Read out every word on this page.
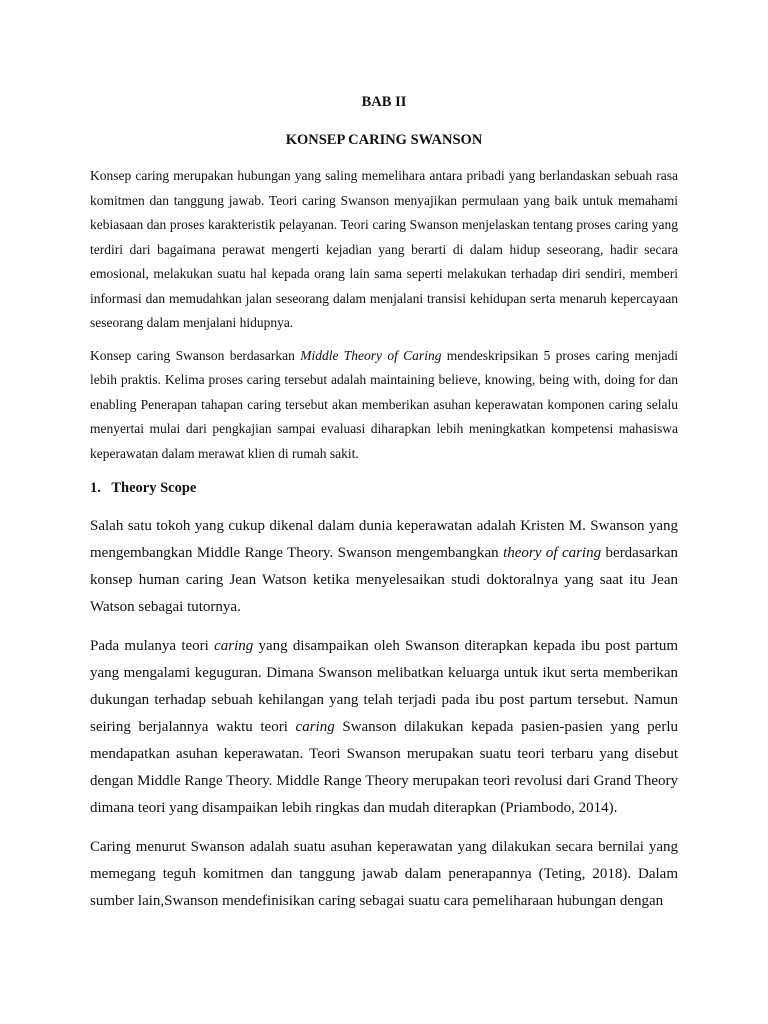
BAB II

KONSEP CARING SWANSON

Konsep caring merupakan hubungan yang saling memelihara antara pribadi yang berlandaskan sebuah rasa komitmen dan tanggung jawab. Teori caring Swanson menyajikan permulaan yang baik untuk memahami kebiasaan dan proses karakteristik pelayanan. Teori caring Swanson menjelaskan tentang proses caring yang terdiri dari bagaimana perawat mengerti kejadian yang berarti di dalam hidup seseorang, hadir secara emosional, melakukan suatu hal kepada orang lain sama seperti melakukan terhadap diri sendiri, memberi informasi dan memudahkan jalan seseorang dalam menjalani transisi kehidupan serta menaruh kepercayaan seseorang dalam menjalani hidupnya.

Konsep caring Swanson berdasarkan Middle Theory of Caring mendeskripsikan 5 proses caring menjadi lebih praktis. Kelima proses caring tersebut adalah maintaining believe, knowing, being with, doing for dan enabling Penerapan tahapan caring tersebut akan memberikan asuhan keperawatan komponen caring selalu menyertai mulai dari pengkajian sampai evaluasi diharapkan lebih meningkatkan kompetensi mahasiswa keperawatan dalam merawat klien di rumah sakit.

1. Theory Scope

Salah satu tokoh yang cukup dikenal dalam dunia keperawatan adalah Kristen M. Swanson yang mengembangkan Middle Range Theory. Swanson mengembangkan theory of caring berdasarkan konsep human caring Jean Watson ketika menyelesaikan studi doktoralnya yang saat itu Jean Watson sebagai tutornya.

Pada mulanya teori caring yang disampaikan oleh Swanson diterapkan kepada ibu post partum yang mengalami keguguran. Dimana Swanson melibatkan keluarga untuk ikut serta memberikan dukungan terhadap sebuah kehilangan yang telah terjadi pada ibu post partum tersebut. Namun seiring berjalannya waktu teori caring Swanson dilakukan kepada pasien-pasien yang perlu mendapatkan asuhan keperawatan. Teori Swanson merupakan suatu teori terbaru yang disebut dengan Middle Range Theory. Middle Range Theory merupakan teori revolusi dari Grand Theory dimana teori yang disampaikan lebih ringkas dan mudah diterapkan (Priambodo, 2014).

Caring menurut Swanson adalah suatu asuhan keperawatan yang dilakukan secara bernilai yang memegang teguh komitmen dan tanggung jawab dalam penerapannya (Teting, 2018). Dalam sumber lain,Swanson mendefinisikan caring sebagai suatu cara pemeliharaan hubungan dengan
